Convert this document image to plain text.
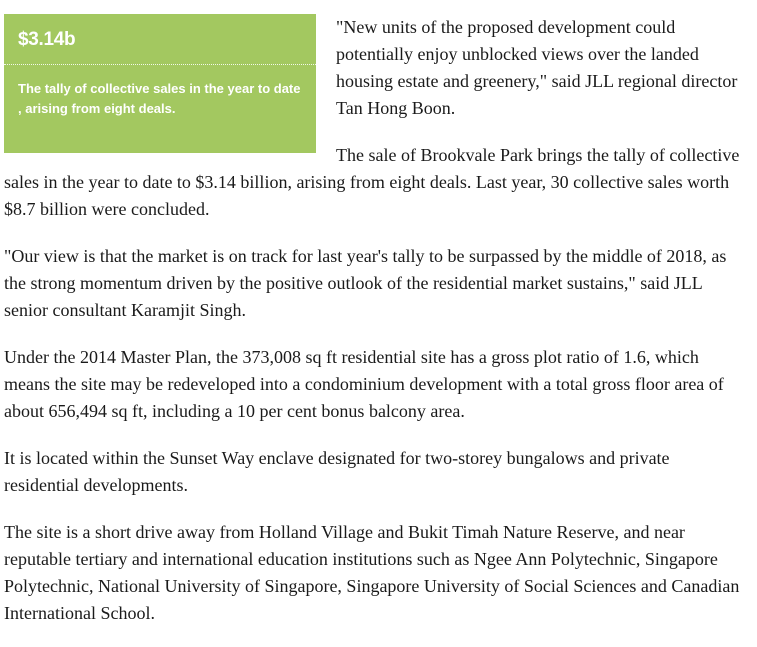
$3.14b
The tally of collective sales in the year to date , arising from eight deals.

"New units of the proposed development could potentially enjoy unblocked views over the landed housing estate and greenery," said JLL regional director Tan Hong Boon.

The sale of Brookvale Park brings the tally of collective sales in the year to date to $3.14 billion, arising from eight deals. Last year, 30 collective sales worth $8.7 billion were concluded.

"Our view is that the market is on track for last year's tally to be surpassed by the middle of 2018, as the strong momentum driven by the positive outlook of the residential market sustains," said JLL senior consultant Karamjit Singh.

Under the 2014 Master Plan, the 373,008 sq ft residential site has a gross plot ratio of 1.6, which means the site may be redeveloped into a condominium development with a total gross floor area of about 656,494 sq ft, including a 10 per cent bonus balcony area.

It is located within the Sunset Way enclave designated for two-storey bungalows and private residential developments.

The site is a short drive away from Holland Village and Bukit Timah Nature Reserve, and near reputable tertiary and international education institutions such as Ngee Ann Polytechnic, Singapore Polytechnic, National University of Singapore, Singapore University of Social Sciences and Canadian International School.
